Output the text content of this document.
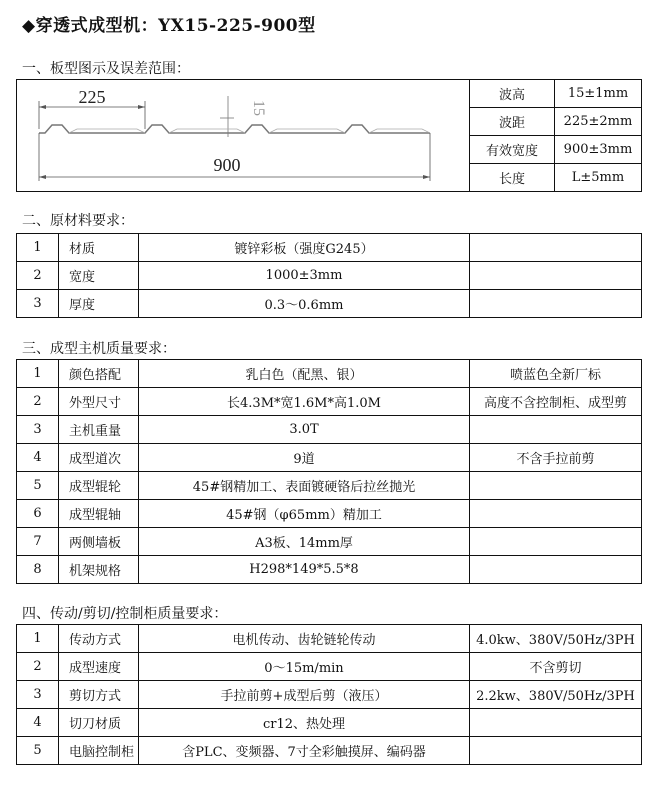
◆穿透式成型机：YX15-225-900型
一、板型图示及误差范围：
225
15
900	波高	15±1mm
	波距	225±2mm
	有效宽度	900±3mm
	长度	L±5mm
二、原材料要求：
1	材质	镀锌彩板（强度G245）	
2	宽度	1000±3mm	
3	厚度	0.3～0.6mm	
三、成型主机质量要求：
1	颜色搭配	乳白色（配黑、银）	喷蓝色全新厂标
2	外型尺寸	长4.3M*宽1.6M*高1.0M	高度不含控制柜、成型剪
3	主机重量	3.0T	
4	成型道次	9道	不含手拉前剪
5	成型辊轮	45#钢精加工、表面镀硬铬后拉丝抛光	
6	成型辊轴	45#钢（φ65mm）精加工	
7	两侧墙板	A3板、14mm厚	
8	机架规格	H298*149*5.5*8	
四、传动/剪切/控制柜质量要求：
1	传动方式	电机传动、齿轮链轮传动	4.0kw、380V/50Hz/3PH
2	成型速度	0～15m/min	不含剪切
3	剪切方式	手拉前剪+成型后剪（液压）	2.2kw、380V/50Hz/3PH
4	切刀材质	cr12、热处理	
5	电脑控制柜	含PLC、变频器、7寸全彩触摸屏、编码器	
